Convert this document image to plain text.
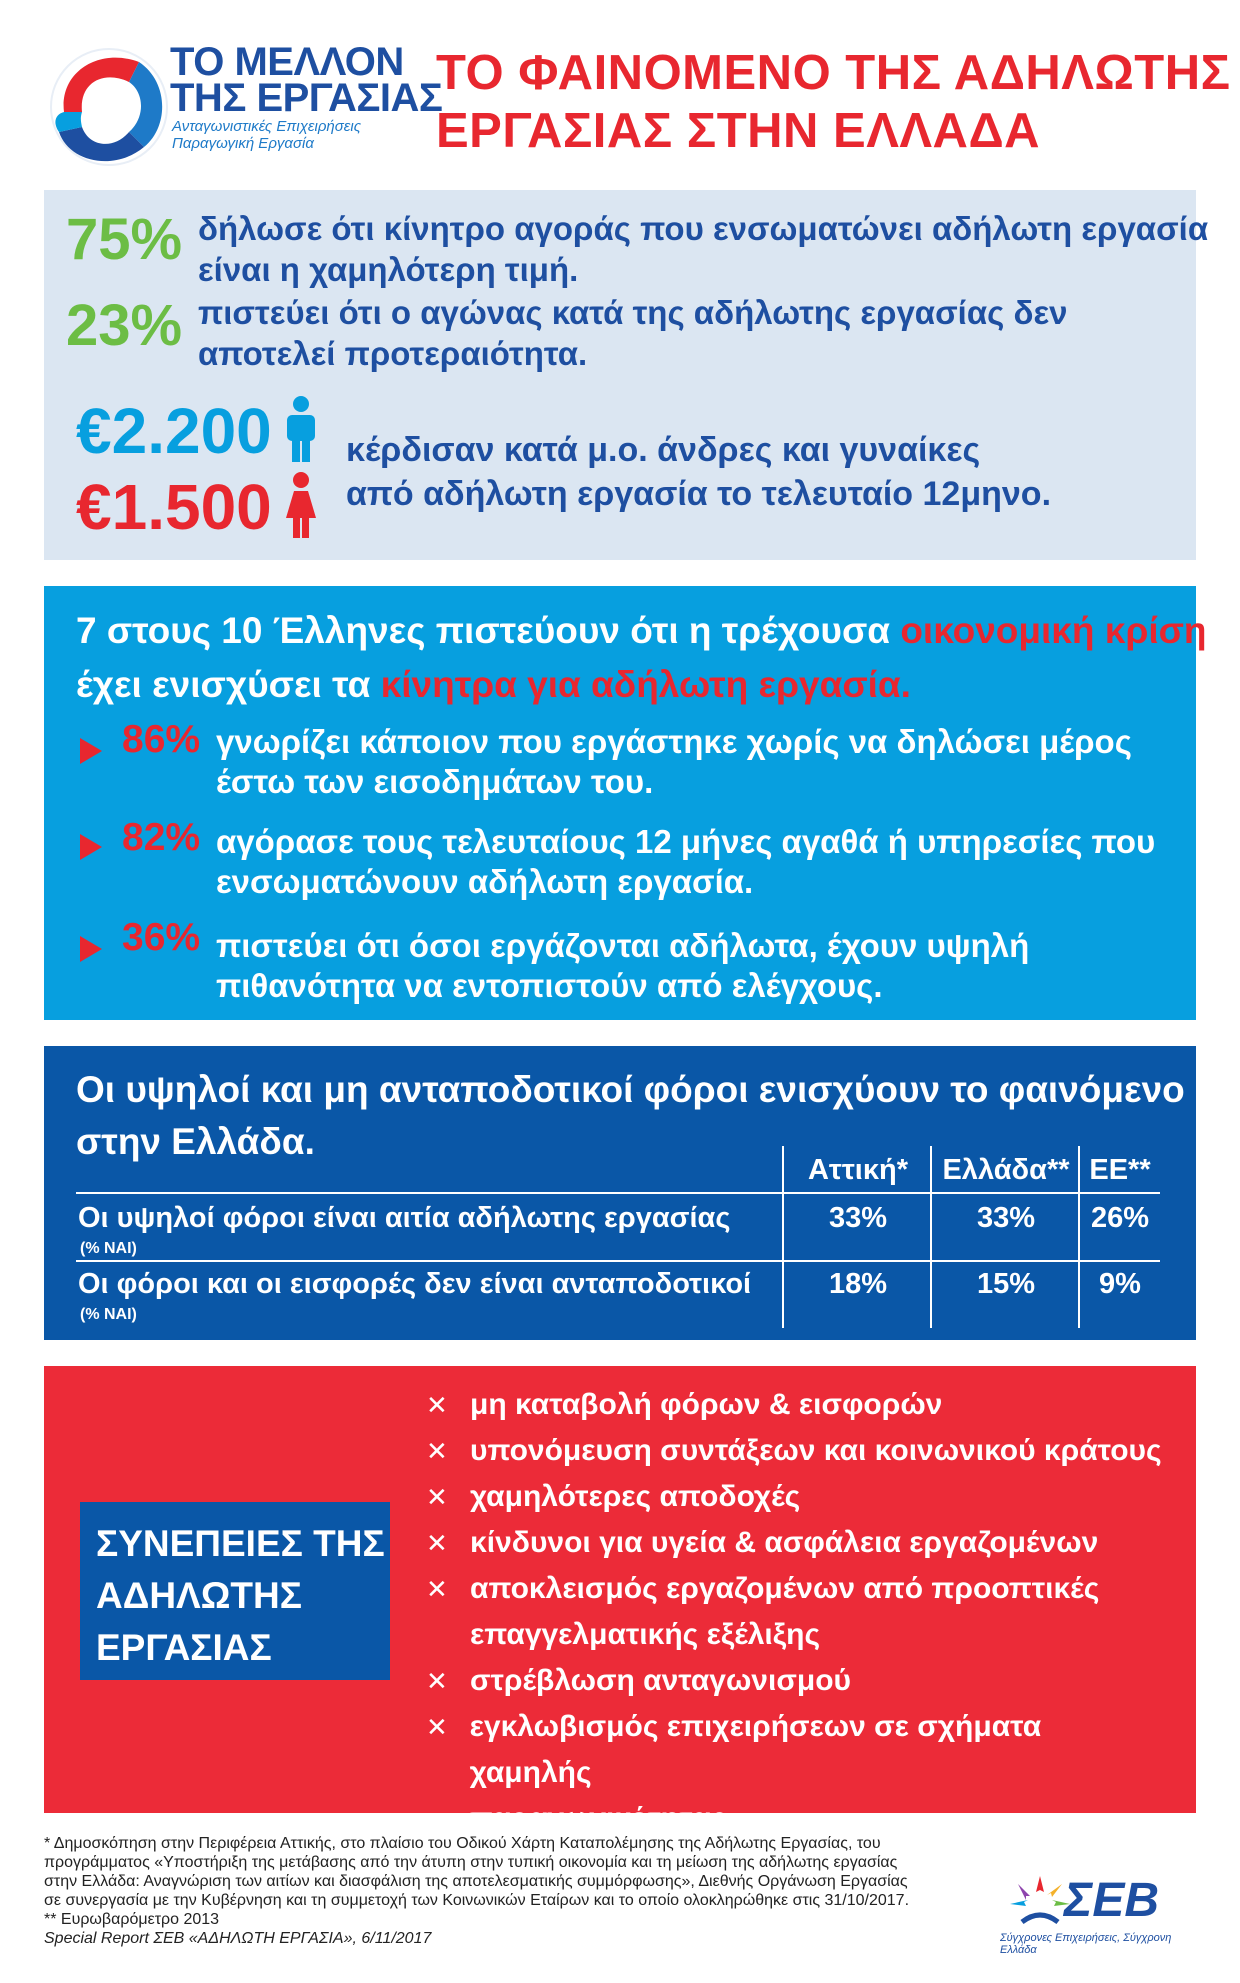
ΤΟ ΜΕΛΛΟΝ
ΤΗΣ ΕΡΓΑΣΙΑΣ
Ανταγωνιστικές Επιχειρήσεις
Παραγωγική Εργασία
ΤΟ ΦΑΙΝΟΜΕΝΟ ΤΗΣ ΑΔΗΛΩΤΗΣ
ΕΡΓΑΣΙΑΣ ΣΤΗΝ ΕΛΛΑΔΑ
75% δήλωσε ότι κίνητρο αγοράς που ενσωματώνει αδήλωτη εργασία
είναι η χαμηλότερη τιμή.
23% πιστεύει ότι ο αγώνας κατά της αδήλωτης εργασίας δεν
αποτελεί προτεραιότητα.
€2.200
€1.500
κέρδισαν κατά μ.ο. άνδρες και γυναίκες
από αδήλωτη εργασία το τελευταίο 12μηνο.
7 στους 10 Έλληνες πιστεύουν ότι η τρέχουσα οικονομική κρίση
έχει ενισχύσει τα κίνητρα για αδήλωτη εργασία.
86% γνωρίζει κάποιον που εργάστηκε χωρίς να δηλώσει μέρος
έστω των εισοδημάτων του.
82% αγόρασε τους τελευταίους 12 μήνες αγαθά ή υπηρεσίες που
ενσωματώνουν αδήλωτη εργασία.
36% πιστεύει ότι όσοι εργάζονται αδήλωτα, έχουν υψηλή
πιθανότητα να εντοπιστούν από ελέγχους.
Οι υψηλοί και μη ανταποδοτικοί φόροι ενισχύουν το φαινόμενο
στην Ελλάδα.
Αττική*	Ελλάδα** ΕΕ**
Οι υψηλοί φόροι είναι αιτία αδήλωτης εργασίας
(% ΝΑΙ)
33%	33%	26%
Οι φόροι και οι εισφορές δεν είναι ανταποδοτικοί
(% ΝΑΙ)
18%	15%	9%
ΣΥΝΕΠΕΙΕΣ ΤΗΣ
ΑΔΗΛΩΤΗΣ
ΕΡΓΑΣΙΑΣ
✕ μη καταβολή φόρων & εισφορών
✕ υπονόμευση συντάξεων και κοινωνικού κράτους
✕ χαμηλότερες αποδοχές
✕ κίνδυνοι για υγεία & ασφάλεια εργαζομένων
✕ αποκλεισμός εργαζομένων από προοπτικές
επαγγελματικής εξέλιξης
✕ στρέβλωση ανταγωνισμού
✕ εγκλωβισμός επιχειρήσεων σε σχήματα χαμηλής
παραγωγικότητας
* Δημοσκόπηση στην Περιφέρεια Αττικής, στο πλαίσιο του Οδικού Χάρτη Καταπολέμησης της Αδήλωτης Εργασίας, του
προγράμματος «Υποστήριξη της μετάβασης από την άτυπη στην τυπική οικονομία και τη μείωση της αδήλωτης εργασίας
στην Ελλάδα: Αναγνώριση των αιτίων και διασφάλιση της αποτελεσματικής συμμόρφωσης», Διεθνής Οργάνωση Εργασίας
σε συνεργασία με την Κυβέρνηση και τη συμμετοχή των Κοινωνικών Εταίρων και το οποίο ολοκληρώθηκε στις 31/10/2017.
** Ευρωβαρόμετρο 2013
Special Report ΣΕΒ «ΑΔΗΛΩΤΗ ΕΡΓΑΣΙΑ», 6/11/2017
ΣΕΒ
Σύγχρονες Επιχειρήσεις, Σύγχρονη Ελλάδα
